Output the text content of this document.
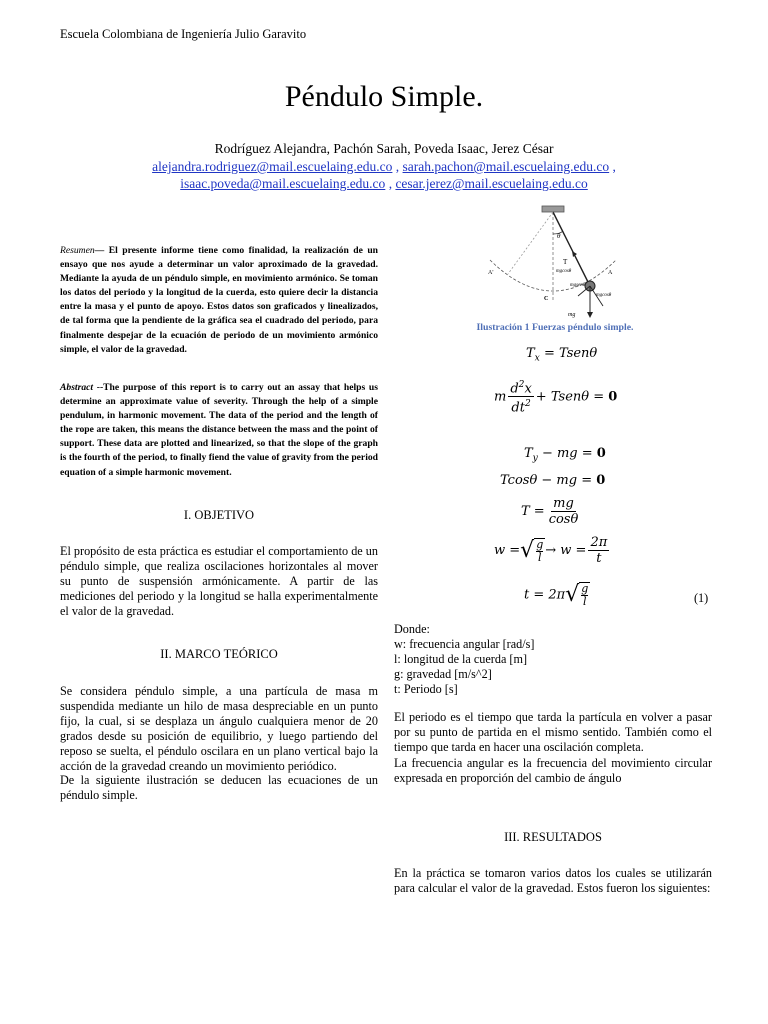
Escuela Colombiana de Ingeniería Julio Garavito
Péndulo Simple.
Rodríguez Alejandra, Pachón Sarah, Poveda Isaac, Jerez César
alejandra.rodriguez@mail.escuelaing.edu.co , sarah.pachon@mail.escuelaing.edu.co ,
isaac.poveda@mail.escuelaing.edu.co , cesar.jerez@mail.escuelaing.edu.co
Resumen— El presente informe tiene como finalidad, la realización de un ensayo que nos ayude a determinar un valor aproximado de la gravedad. Mediante la ayuda de un péndulo simple, en movimiento armónico. Se toman los datos del periodo y la longitud de la cuerda, esto quiere decir la distancia entre la masa y el punto de apoyo. Estos datos son graficados y linealizados, de tal forma que la pendiente de la gráfica sea el cuadrado del periodo, para finalmente despejar de la ecuación de periodo de un movimiento armónico simple, el valor de la gravedad.
Abstract --The purpose of this report is to carry out an assay that helps us determine an approximate value of severity. Through the help of a simple pendulum, in harmonic movement. The data of the period and the length of the rope are taken, this means the distance between the mass and the point of support. These data are plotted and linearized, so that the slope of the graph is the fourth of the period, to finally fiend the value of gravity from the period equation of a simple harmonic movement.
I. OBJETIVO
El propósito de esta práctica es estudiar el comportamiento de un péndulo simple, que realiza oscilaciones horizontales al mover su punto de suspensión armónicamente. A partir de las mediciones del periodo y la longitud se halla experimentalmente el valor de la gravedad.
II. MARCO TEÓRICO
Se considera péndulo simple, a una partícula de masa m suspendida mediante un hilo de masa despreciable en un punto fijo, la cual, si se desplaza un ángulo cualquiera menor de 20 grados desde su posición de equilibrio, y luego partiendo del reposo se suelta, el péndulo oscilara en un plano vertical bajo la acción de la gravedad creando un movimiento periódico.
De la siguiente ilustración se deducen las ecuaciones de un péndulo simple.
θ
T
A'	A
C
mg
mgsenθ
mgcosθ
mgcosθ
Ilustración 1 Fuerzas péndulo simple.
$T_x$ = Tsenθ
m $\frac{d^2x}{dt^2}$ + Tsenθ = 0
$T_y$ − mg = 0
Tcosθ − mg = 0
$T = \frac{mg}{\cos\theta}$
w = √ g
$l \to w = \frac{2\pi}{t}$
t = 2π √ g
l	(1)
Donde:
w: frecuencia angular [rad/s]
l: longitud de la cuerda [m]
g: gravedad [m/s^2]
t: Periodo [s]
El periodo es el tiempo que tarda la partícula en volver a pasar por su punto de partida en el mismo sentido. También como el tiempo que tarda en hacer una oscilación completa.
La frecuencia angular es la frecuencia del movimiento circular expresada en proporción del cambio de ángulo
III. RESULTADOS
En la práctica se tomaron varios datos los cuales se utilizarán para calcular el valor de la gravedad. Estos fueron los siguientes:
